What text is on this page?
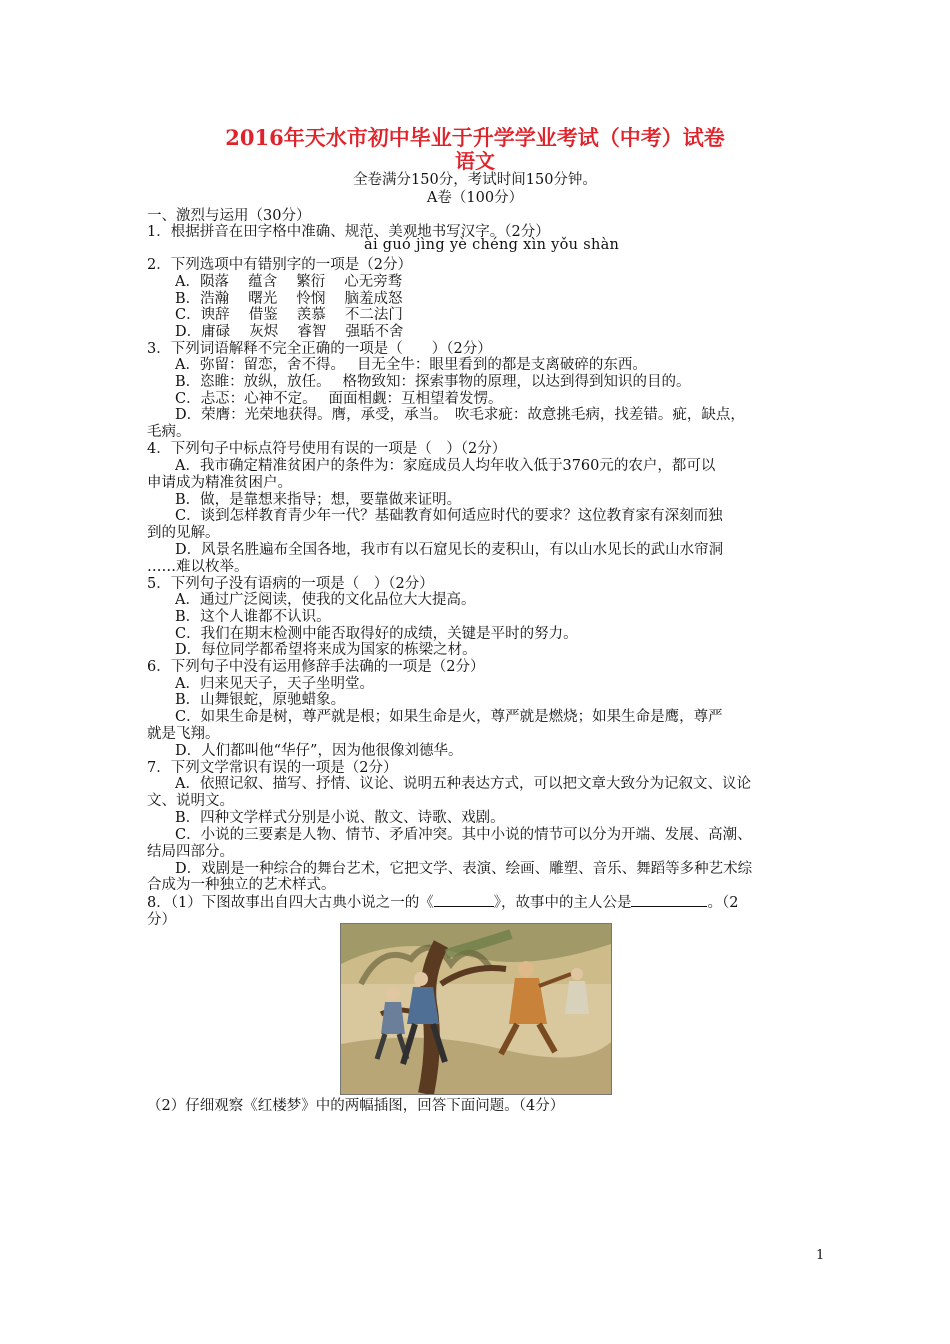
2016年天水市初中毕业于升学学业考试（中考）试卷
语文
全卷满分150分，考试时间150分钟。
A卷（100分）
一、激烈与运用（30分）
1．根据拼音在田字格中准确、规范、美观地书写汉字。（2分）
ài guó jìng yè chéng xìn yǒu shàn
2．下列选项中有错别字的一项是（2分）
A．陨落　 蕴含　 繁衍　 心无旁骛
B．浩瀚　 曙光　 怜悯　 脑羞成怒
C．谀辞　 借鉴　 羡慕　 不二法门
D．庸碌　 灰烬　 睿智　 强聒不舍
3．下列词语解释不完全正确的一项是（　　）（2分）
A．弥留：留恋，舍不得。　 目无全牛：眼里看到的都是支离破碎的东西。
B．恣睢：放纵，放任。　 格物致知：探索事物的原理，以达到得到知识的目的。
C．忐忑：心神不定。　 面面相觑：互相望着发愣。
D．荣膺：光荣地获得。膺，承受，承当。　吹毛求疵：故意挑毛病，找差错。疵，缺点，
毛病。
4．下列句子中标点符号使用有误的一项是（　）（2分）
A．我市确定精准贫困户的条件为：家庭成员人均年收入低于3760元的农户，都可以
申请成为精准贫困户。
B．做，是靠想来指导；想，要靠做来证明。
C．谈到怎样教育青少年一代？基础教育如何适应时代的要求？这位教育家有深刻而独
到的见解。
D．风景名胜遍布全国各地，我市有以石窟见长的麦积山，有以山水见长的武山水帘洞
……难以枚举。
5．下列句子没有语病的一项是（　）（2分）
A．通过广泛阅读，使我的文化品位大大提高。
B．这个人谁都不认识。
C．我们在期末检测中能否取得好的成绩，关键是平时的努力。
D．每位同学都希望将来成为国家的栋梁之材。
6．下列句子中没有运用修辞手法确的一项是（2分）
A．归来见天子，天子坐明堂。
B．山舞银蛇，原驰蜡象。
C．如果生命是树，尊严就是根；如果生命是火，尊严就是燃烧；如果生命是鹰，尊严
就是飞翔。
D．人们都叫他“华仔”，因为他很像刘德华。
7．下列文学常识有误的一项是（2分）
A．依照记叙、描写、抒情、议论、说明五种表达方式，可以把文章大致分为记叙文、议论
文、说明文。
B．四种文学样式分别是小说、散文、诗歌、戏剧。
C．小说的三要素是人物、情节、矛盾冲突。其中小说的情节可以分为开端、发展、高潮、
结局四部分。
D．戏剧是一种综合的舞台艺术，它把文学、表演、绘画、雕塑、音乐、舞蹈等多种艺术综
合成为一种独立的艺术样式。
8．（1）下图故事出自四大古典小说之一的《	》，故事中的主人公是	。（2
分）
（2）仔细观察《红楼梦》中的两幅插图，回答下面问题。（4分）
1
